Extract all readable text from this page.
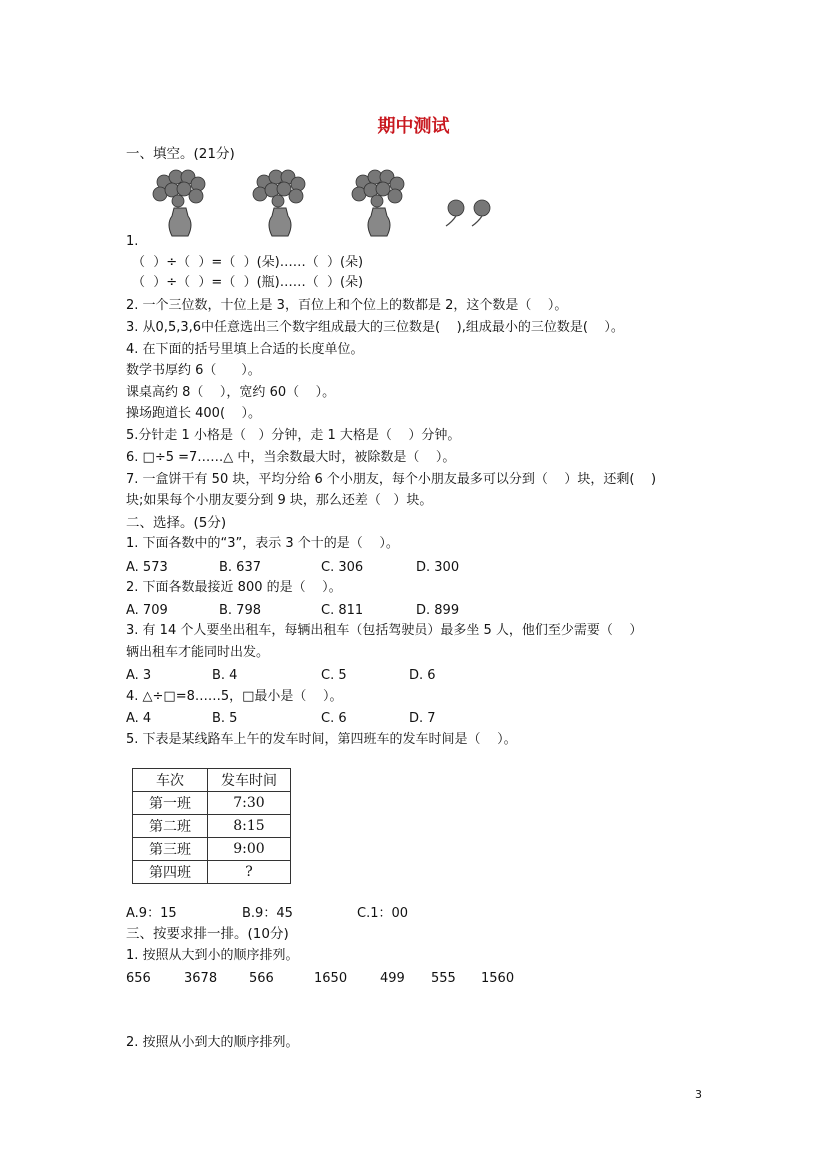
期中测试
一、填空。(21分)
1.
（  ）÷（  ）=（  ）(朵)……（  ）(朵)
（  ）÷（  ）=（  ）(瓶)……（  ）(朵)
2. 一个三位数，十位上是 3，百位上和个位上的数都是 2，这个数是（    ）。
3. 从0,5,3,6中任意选出三个数字组成最大的三位数是(    ),组成最小的三位数是(    ）。
4. 在下面的括号里填上合适的长度单位。
数学书厚约 6（      ）。
课桌高约 8（    ），宽约 60（    ）。
操场跑道长 400(    ）。
5.分针走 1 小格是（   ）分钟，走 1 大格是（    ）分钟。
6. □÷5 =7……△ 中，当余数最大时，被除数是（    ）。
7. 一盒饼干有 50 块，平均分给 6 个小朋友，每个小朋友最多可以分到（    ）块，还剩(    )
块;如果每个小朋友要分到 9 块，那么还差（   ）块。
二、选择。(5分)
1. 下面各数中的“3”，表示 3 个十的是（    ）。
A. 573	B. 637	C. 306	D. 300
2. 下面各数最接近 800 的是（    ）。
A. 709	B. 798	C. 811	D. 899
3. 有 14 个人要坐出租车，每辆出租车（包括驾驶员）最多坐 5 人，他们至少需要（    ）
辆出租车才能同时出发。
A. 3	B. 4	C. 5	D. 6
4. △÷□=8……5，□最小是（    ）。
A. 4	B. 5	C. 6	D. 7
5. 下表是某线路车上午的发车时间，第四班车的发车时间是（    ）。
车次	发车时间
第一班	7:30
第二班	8:15
第三班	9:00
第四班	?
A.9：15	B.9：45	C.1：00
三、按要求排一排。(10分)
1. 按照从大到小的顺序排列。
656	3678 566	1650	499 555 1560
2. 按照从小到大的顺序排列。
3
